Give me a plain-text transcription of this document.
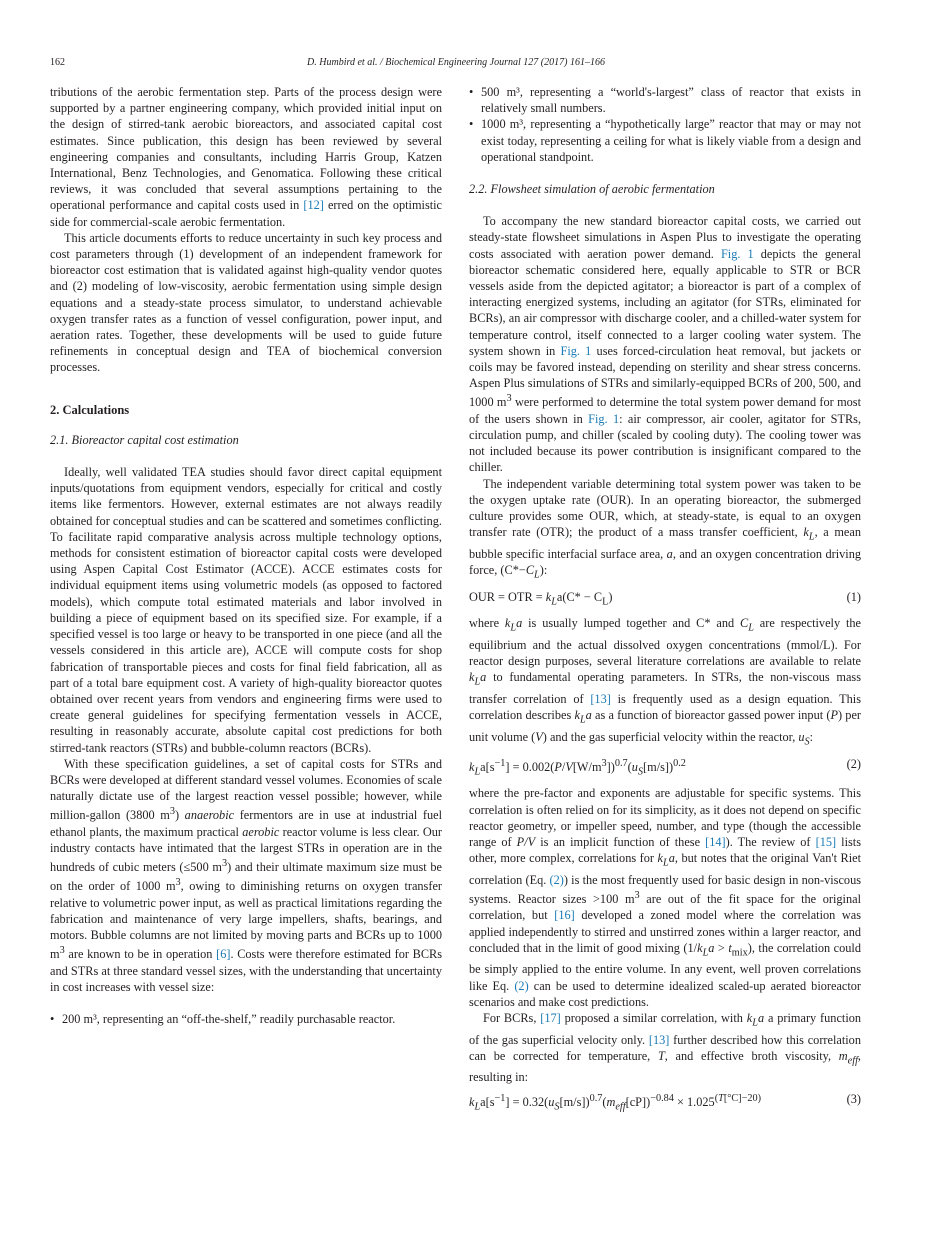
162	D. Humbird et al. / Biochemical Engineering Journal 127 (2017) 161–166

tributions of the aerobic fermentation step. Parts of the process design were supported by a partner engineering company, which provided initial input on the design of stirred-tank aerobic bioreactors, and associated capital cost estimates. Since publication, this design has been reviewed by several engineering companies and consultants, including Harris Group, Katzen International, Benz Technologies, and Genomatica. Following these critical reviews, it was concluded that several assumptions pertaining to the operational performance and capital costs used in [12] erred on the optimistic side for commercial-scale aerobic fermentation.

This article documents efforts to reduce uncertainty in such key process and cost parameters through (1) development of an independent framework for bioreactor cost estimation that is validated against high-quality vendor quotes and (2) modeling of low-viscosity, aerobic fermentation using simple design equations and a steady-state process simulator, to understand achievable oxygen transfer rates as a function of vessel configuration, power input, and aeration rates. Together, these developments will be used to guide future refinements in conceptual design and TEA of biochemical conversion processes.

2. Calculations
2.1. Bioreactor capital cost estimation

Ideally, well validated TEA studies should favor direct capital equipment inputs/quotations from equipment vendors, especially for critical and costly items like fermentors. However, external estimates are not always readily obtained for conceptual studies and can be scattered and sometimes conflicting. To facilitate rapid comparative analysis across multiple technology options, methods for consistent estimation of bioreactor capital costs were developed using Aspen Capital Cost Estimator (ACCE). ACCE estimates costs for individual equipment items using volumetric models (as opposed to factored models), which compute total estimated materials and labor involved in building a piece of equipment based on its specified size. For example, if a specified vessel is too large or heavy to be transported in one piece (and all the vessels considered in this article are), ACCE will compute costs for shop fabrication of transportable pieces and costs for final field fabrication, all as part of a total bare equipment cost. A variety of high-quality bioreactor quotes obtained over recent years from vendors and engineering firms were used to create general guidelines for specifying fermentation vessels in ACCE, resulting in reasonably accurate, absolute capital cost predictions for both stirred-tank reactors (STRs) and bubble-column reactors (BCRs).

With these specification guidelines, a set of capital costs for STRs and BCRs were developed at different standard vessel volumes. Economies of scale naturally dictate use of the largest reaction vessel possible; however, while million-gallon (3800 $m^3$) anaerobic fermentors are in use at industrial fuel ethanol plants, the maximum practical aerobic reactor volume is less clear. Our industry contacts have intimated that the largest STRs in operation are in the hundreds of cubic meters (≤500 $m^3$) and their ultimate maximum size must be on the order of 1000 $m^3$, owing to diminishing returns on oxygen transfer relative to volumetric power input, as well as practical limitations regarding the fabrication and maintenance of very large impellers, shafts, bearings, and motors. Bubble columns are not limited by moving parts and BCRs up to 1000 $m^3$ are known to be in operation [6]. Costs were therefore estimated for BCRs and STRs at three standard vessel sizes, with the understanding that uncertainty in cost increases with vessel size:

• 200 m³, representing an “off-the-shelf,” readily purchasable reactor.
• 500 m³, representing a “world's-largest” class of reactor that exists in relatively small numbers.
• 1000 m³, representing a “hypothetically large” reactor that may or may not exist today, representing a ceiling for what is likely viable from a design and operational standpoint.
2.2. Flowsheet simulation of aerobic fermentation

To accompany the new standard bioreactor capital costs, we carried out steady-state flowsheet simulations in Aspen Plus to investigate the operating costs associated with aeration power demand. Fig. 1 depicts the general bioreactor schematic considered here, equally applicable to STR or BCR vessels aside from the depicted agitator; a bioreactor is part of a complex of interacting energized systems, including an agitator (for STRs, eliminated for BCRs), an air compressor with discharge cooler, and a chilled-water system for temperature control, itself connected to a larger cooling water system. The system shown in Fig. 1 uses forced-circulation heat removal, but jackets or coils may be favored instead, depending on sterility and shear stress concerns. Aspen Plus simulations of STRs and similarly-equipped BCRs of 200, 500, and 1000 $m^3$ were performed to determine the total system power demand for most of the users shown in Fig. 1: air compressor, air cooler, agitator for STRs, circulation pump, and chiller (scaled by cooling duty). The cooling tower was not included because its power contribution is insignificant compared to the chiller.

The independent variable determining total system power was taken to be the oxygen uptake rate (OUR). In an operating bioreactor, the submerged culture provides some OUR, which, at steady-state, is equal to an oxygen transfer rate (OTR); the product of a mass transfer coefficient, $k_L$, a mean bubble specific interfacial surface area, a, and an oxygen concentration driving force, $(C*-C_L)$:

OUR = OTR = $k_La(C* - C_L)$	(1)

where $k_La$ is usually lumped together and C* and $C_L$ are respectively the equilibrium and the actual dissolved oxygen concentrations (mmol/L). For reactor design purposes, several literature correlations are available to relate $k_La$ to fundamental operating parameters. In STRs, the non-viscous mass transfer correlation of [13] is frequently used as a design equation. This correlation describes $k_La$ as a function of bioreactor gassed power input (P) per unit volume (V) and the gas superficial velocity within the reactor, $u_S$:

$k_La[s^{-1}] = 0.002(P/V[W/m^3])^{0.7}(u_S[m/s])^{0.2}$	(2)

where the pre-factor and exponents are adjustable for specific systems. This correlation is often relied on for its simplicity, as it does not depend on specific reactor geometry, or impeller speed, number, and type (though the accessible range of P/V is an implicit function of these [14]). The review of [15] lists other, more complex, correlations for $k_La$, but notes that the original Van't Riet correlation (Eq. (2)) is the most frequently used for basic design in non-viscous systems. Reactor sizes >100 $m^3$ are out of the fit space for the original correlation, but [16] developed a zoned model where the correlation was applied independently to stirred and unstirred zones within a larger reactor, and concluded that in the limit of good mixing $(1/k_La > t_{mix})$, the correlation could be simply applied to the entire volume. In any event, well proven correlations like Eq. (2) can be used to determine idealized scaled-up aerated bioreactor scenarios and make cost predictions.

For BCRs, [17] proposed a similar correlation, with $k_La$ a primary function of the gas superficial velocity only. [13] further described how this correlation can be corrected for temperature, T, and effective broth viscosity, $m_{eff}$, resulting in:

$k_La[s^{-1}] = 0.32(u_S[m/s])^{0.7}(m_{eff}[cP])^{-0.84} \times 1.025^{(T[^\circ C]-20)}$	(3)
